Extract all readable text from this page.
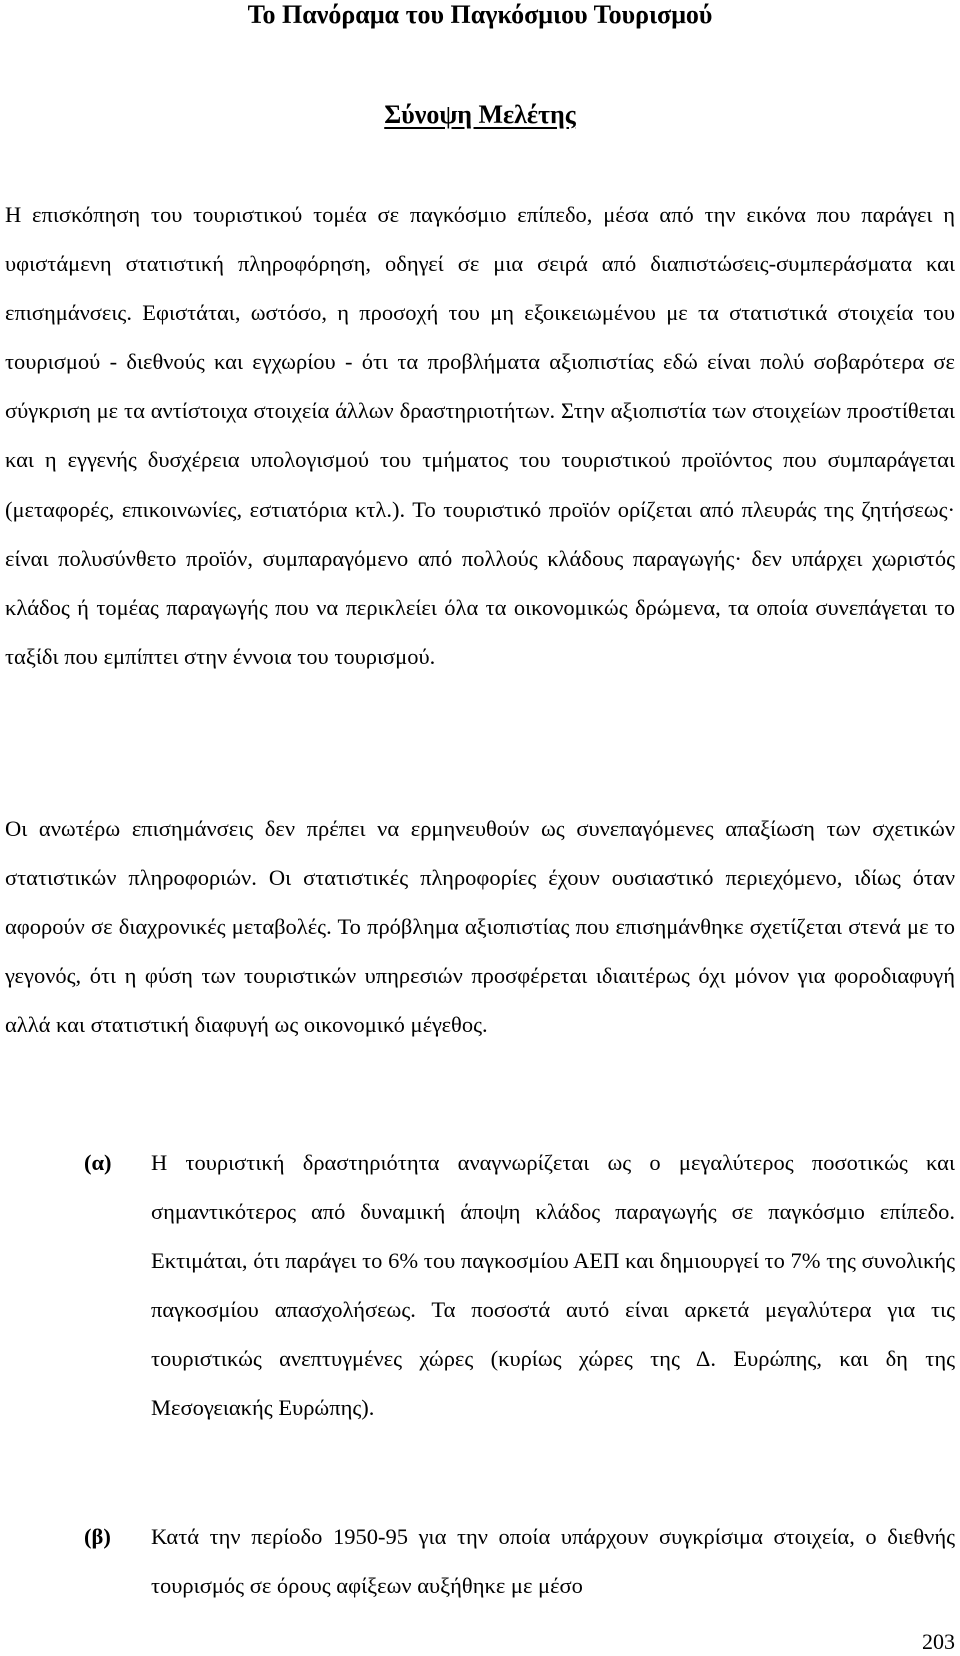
Το Πανόραμα του Παγκόσμιου Τουρισμού
Σύνοψη Μελέτης

Η επισκόπηση του τουριστικού τομέα σε παγκόσμιο επίπεδο, μέσα από την εικόνα που παράγει η υφιστάμενη στατιστική πληροφόρηση, οδηγεί σε μια σειρά από διαπιστώσεις-συμπεράσματα και επισημάνσεις. Εφιστάται, ωστόσο, η προσοχή του μη εξοικειωμένου με τα στατιστικά στοιχεία του τουρισμού - διεθνούς και εγχωρίου - ότι τα προβλήματα αξιοπιστίας εδώ είναι πολύ σοβαρότερα σε σύγκριση με τα αντίστοιχα στοιχεία άλλων δραστηριοτήτων. Στην αξιοπιστία των στοιχείων προστίθεται και η εγγενής δυσχέρεια υπολογισμού του τμήματος του τουριστικού προϊόντος που συμπαράγεται (μεταφορές, επικοινωνίες, εστιατόρια κτλ.). Το τουριστικό προϊόν ορίζεται από πλευράς της ζητήσεως· είναι πολυσύνθετο προϊόν, συμπαραγόμενο από πολλούς κλάδους παραγωγής· δεν υπάρχει χωριστός κλάδος ή τομέας παραγωγής που να περικλείει όλα τα οικονομικώς δρώμενα, τα οποία συνεπάγεται το ταξίδι που εμπίπτει στην έννοια του τουρισμού.

Οι ανωτέρω επισημάνσεις δεν πρέπει να ερμηνευθούν ως συνεπαγόμενες απαξίωση των σχετικών στατιστικών πληροφοριών. Οι στατιστικές πληροφορίες έχουν ουσιαστικό περιεχόμενο, ιδίως όταν αφορούν σε διαχρονικές μεταβολές. Το πρόβλημα αξιοπιστίας που επισημάνθηκε σχετίζεται στενά με το γεγονός, ότι η φύση των τουριστικών υπηρεσιών προσφέρεται ιδιαιτέρως όχι μόνον για φοροδιαφυγή αλλά και στατιστική διαφυγή ως οικονομικό μέγεθος.

(α) Η τουριστική δραστηριότητα αναγνωρίζεται ως ο μεγαλύτερος ποσοτικώς και σημαντικότερος από δυναμική άποψη κλάδος παραγωγής σε παγκόσμιο επίπεδο. Εκτιμάται, ότι παράγει το 6% του παγκοσμίου ΑΕΠ και δημιουργεί το 7% της συνολικής παγκοσμίου απασχολήσεως. Τα ποσοστά αυτό είναι αρκετά μεγαλύτερα για τις τουριστικώς ανεπτυγμένες χώρες (κυρίως χώρες της Δ. Ευρώπης, και δη της Μεσογειακής Ευρώπης).

(β) Κατά την περίοδο 1950-95 για την οποία υπάρχουν συγκρίσιμα στοιχεία, ο διεθνής τουρισμός σε όρους αφίξεων αυξήθηκε με μέσο

203
